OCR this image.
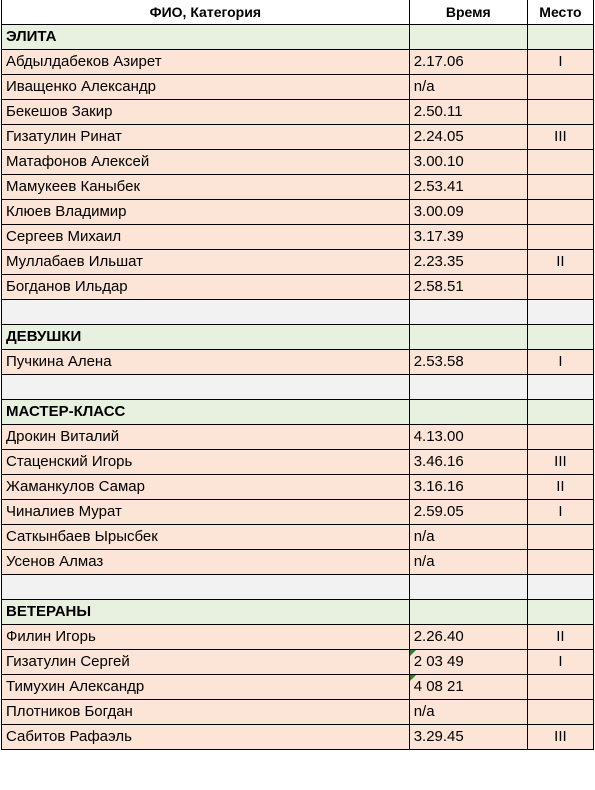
ФИО, Категория	Время	Место
ЭЛИТА		
Абдылдабеков Азирет	2.17.06	I
Иващенко Александр	n/a	
Бекешов Закир	2.50.11	
Гизатулин Ринат	2.24.05	III
Матафонов Алексей	3.00.10	
Мамукеев Каныбек	2.53.41	
Клюев Владимир	3.00.09	
Сергеев Михаил	3.17.39	
Муллабаев Ильшат	2.23.35	II
Богданов Ильдар	2.58.51	

ДЕВУШКИ		
Пучкина Алена	2.53.58	I

МАСТЕР-КЛАСС		
Дрокин Виталий	4.13.00	
Стаценский Игорь	3.46.16	III
Жаманкулов Самар	3.16.16	II
Чиналиев Мурат	2.59.05	I
Саткынбаев Ырысбек	n/a	
Усенов Алмаз	n/a	

ВЕТЕРАНЫ		
Филин Игорь	2.26.40	II
Гизатулин Сергей	2 03 49	I
Тимухин Александр	4 08 21	
Плотников Богдан	n/a	
Сабитов Рафаэль	3.29.45	III
